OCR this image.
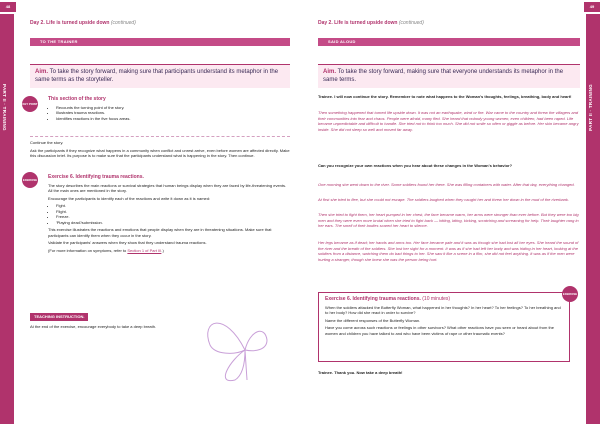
48
PART II · TRAINING
Day 2. Life is turned upside down (continued)
TO THE TRAINER
Aim. To take the story forward, making sure that participants understand its metaphor in the same terms as the storyteller.
KEY POINT
This section of the story
• Recounts the turning point of the story.
• Illustrates trauma reactions.
• Identifies reactions in the five focus areas.

Continue the story.

Ask the participants if they recognize what happens in a community when conflict and unrest arrive, even before women are affected directly. Make this discussion brief. Its purpose is to make sure that the participants understand what is happening in the story. Then continue.

EXERCISE Exercise 6. Identifying trauma reactions.

The story describes the main reactions or survival strategies that human beings display when they are faced by life-threatening events. All the main ones are mentioned in the story.

Encourage the participants to identify each of the reactions and write it down as it is named:

• Fight.
• Flight.
• Freeze.
• 'Playing dead'/submission.

This exercise illustrates the reactions and emotions that people display when they are in threatening situations. Make sure that participants can identify them when they occur in the story.

Validate the participants' answers when they show that they understand trauma reactions.

(For more information on symptoms, refer to Section 1 of Part III.)

TEACHING INSTRUCTION.

At the end of the exercise, encourage everybody to take a deep breath.

49
PART II · TRAINING
Day 2. Life is turned upside down (continued)
SAID ALOUD
Aim. To take the story forward, making sure that everyone understands its metaphor in the same terms.
Trainee. I will now continue the story. Remember to note what happens to the Woman's thoughts, feelings, breathing, body and heart!
Then something happened that turned life upside down. It was not an earthquake, wind or fire. War came to the country and threw the villagers and their communities into fear and chaos. People were afraid, many fled. She heard that nobody young women, even children, had been raped. Life became unpredictable and difficult to handle. She tried not to think too much. She did not smile so often or giggle as before. Her skin became angry inside. She did not sleep so well and moved far away.
Can you recognize your own reactions when you hear about these changes in the Woman's behavior?
One morning she went down to the river. Some soldiers found her there. She was filling containers with water. After that day, everything changed.
At first she tried to flee, but she could not escape. The soldiers laughed when they caught her and threw her down in the mud of the riverbank.
Then she tried to fight them, her heart pumped in her chest, the face became warm, her arms were stronger than ever before. But they were too big men and they were even more brutal when she tried to fight back — hitting, biting, kicking, scratching and screaming for help. Their laughter rang in her ears. The smell of their bodies scared her heart to silence.
Her legs became as if dead; her hands and arms too. Her face became pale and it was as though she had lost all her eyes. She heard the sound of the river and the breath of the soldiers. She lost her sight for a moment. It was as if she had left her body and was hiding in her heart, looking at the soldiers from a distance, watching them do bad things to her. She saw it like a scene in a film, she did not feel anything. It was as if the men were hurting a stranger, though she knew she was the person being hurt.
Exercise 6. Identifying trauma reactions. (10 minutes)

When the soldiers attacked the Butterfly Woman, what happened in her thoughts? In her heart? To her feelings? To her breathing and to her body? How did she react in order to survive?

Name the different responses of the Butterfly Woman.

Have you come across such reactions or feelings in other survivors? What other reactions have you seen or heard about from the women and children you have talked to and who have been victims of rape or other traumatic events?

EXERCISE
Trainee. Thank you. Now take a deep breath!
